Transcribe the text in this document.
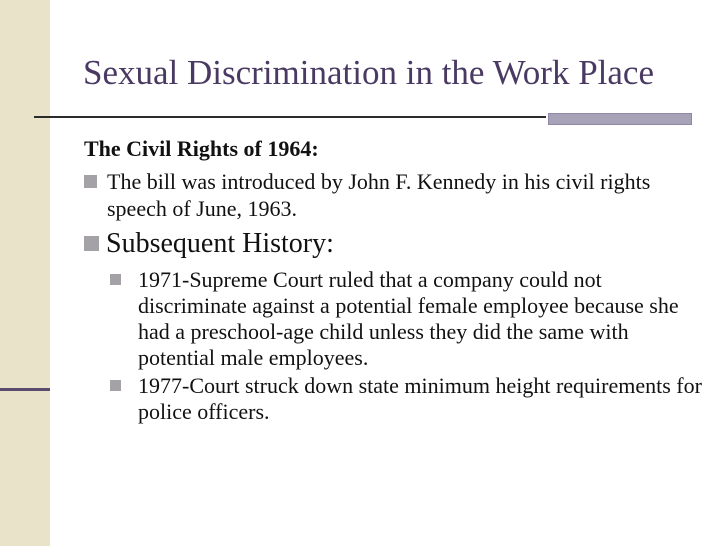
Sexual Discrimination in the Work Place
The Civil Rights of 1964:
The bill was introduced by John F. Kennedy in his civil rights speech of June, 1963.
Subsequent History:
1971-Supreme Court ruled that a company could not discriminate against a potential female employee because she had a preschool-age child unless they did the same with potential male employees.
1977-Court struck down state minimum height requirements for police officers.
